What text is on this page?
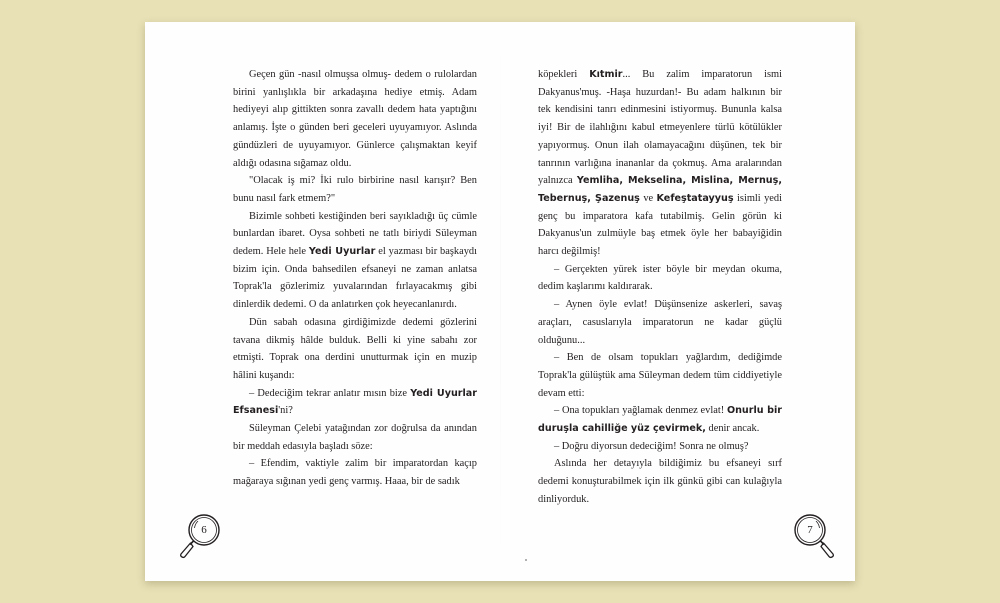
Geçen gün -nasıl olmuşsa olmuş- dedem o rulolardan birini yanlışlıkla bir arkadaşına hediye etmiş. Adam hediyeyi alıp gittikten sonra zavallı dedem hata yaptığını anlamış. İşte o günden beri geceleri uyuyamıyor. Aslında gündüzleri de uyuyamıyor. Günlerce çalışmaktan keyif aldığı odasına sığamaz oldu.

"Olacak iş mi? İki rulo birbirine nasıl karışır? Ben bunu nasıl fark etmem?"

Bizimle sohbeti kestiğinden beri sayıkladığı üç cümle bunlardan ibaret. Oysa sohbeti ne tatlı biriydi Süleyman dedem. Hele hele Yedi Uyurlar el yazması bir başkaydı bizim için. Onda bahsedilen efsaneyi ne zaman anlatsa Toprak'la gözlerimiz yuvalarından fırlayacakmış gibi dinlerdik dedemi. O da anlatırken çok heyecanlanırdı.

Dün sabah odasına girdiğimizde dedemi gözlerini tavana dikmiş hâlde bulduk. Belli ki yine sabahı zor etmişti. Toprak ona derdini unutturmak için en muzip hâlini kuşandı:

– Dedeciğim tekrar anlatır mısın bize Yedi Uyurlar Efsanesi'ni?

Süleyman Çelebi yatağından zor doğrulsa da anından bir meddah edasıyla başladı söze:

– Efendim, vaktiyle zalim bir imparatordan kaçıp mağaraya sığınan yedi genç varmış. Haaa, bir de sadık

köpekleri Kıtmir... Bu zalim imparatorun ismi Dakyanus'muş. -Haşa huzurdan!- Bu adam halkının bir tek kendisini tanrı edinmesini istiyormuş. Bununla kalsa iyi! Bir de ilahlığını kabul etmeyenlere türlü kötülükler yapıyormuş. Onun ilah olamayacağını düşünen, tek bir tanrının varlığına inananlar da çokmuş. Ama aralarından yalnızca Yemliha, Mekselina, Mislina, Mernuş, Tebernuş, Şazenuş ve Kefeştatayyuş isimli yedi genç bu imparatora kafa tutabilmiş. Gelin görün ki Dakyanus'un zulmüyle baş etmek öyle her babayiğidin harcı değilmiş!

– Gerçekten yürek ister böyle bir meydan okuma, dedim kaşlarımı kaldırarak.

– Aynen öyle evlat! Düşünsenize askerleri, savaş araçları, casuslarıyla imparatorun ne kadar güçlü olduğunu...

– Ben de olsam topukları yağlardım, dediğimde Toprak'la gülüştük ama Süleyman dedem tüm ciddiyetiyle devam etti:

– Ona topukları yağlamak denmez evlat! Onurlu bir duruşla cahilliğe yüz çevirmek, denir ancak.

– Doğru diyorsun dedeciğim! Sonra ne olmuş?

Aslında her detayıyla bildiğimiz bu efsaneyi sırf dedemi konuşturabilmek için ilk günkü gibi can kulağıyla dinliyorduk.

6	7
